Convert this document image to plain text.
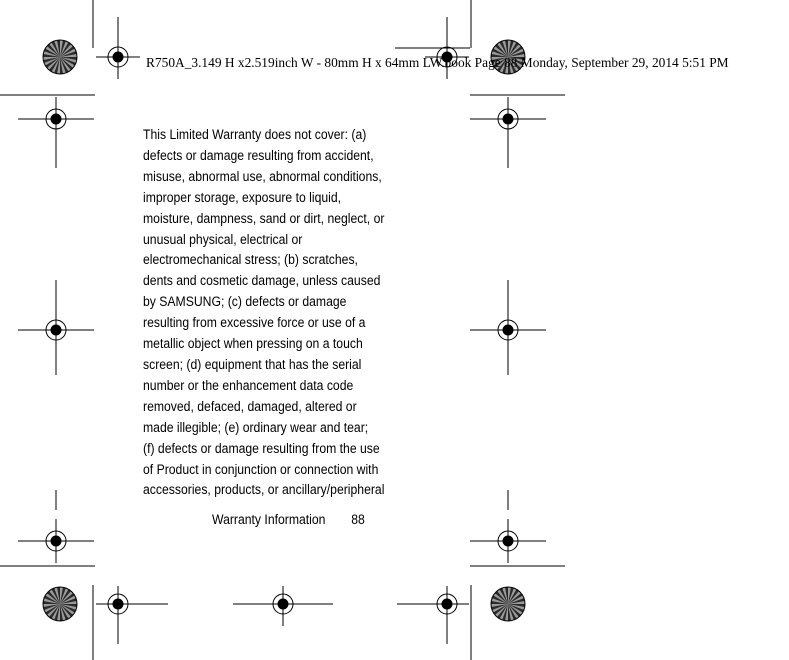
R750A_3.149 H x2.519inch W - 80mm H x 64mm LW.book Page 88 Monday, September 29, 2014 5:51 PM
This Limited Warranty does not cover: (a)
defects or damage resulting from accident,
misuse, abnormal use, abnormal conditions,
improper storage, exposure to liquid,
moisture, dampness, sand or dirt, neglect, or
unusual physical, electrical or
electromechanical stress; (b) scratches,
dents and cosmetic damage, unless caused
by SAMSUNG; (c) defects or damage
resulting from excessive force or use of a
metallic object when pressing on a touch
screen; (d) equipment that has the serial
number or the enhancement data code
removed, defaced, damaged, altered or
made illegible; (e) ordinary wear and tear;
(f) defects or damage resulting from the use
of Product in conjunction or connection with
accessories, products, or ancillary/peripheral
Warranty Information 88
